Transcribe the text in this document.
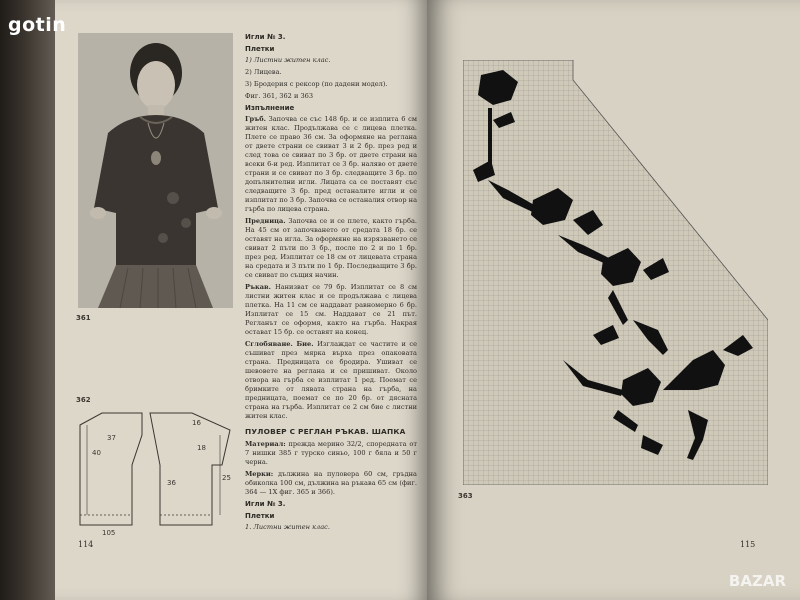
361
Игли № 3.
Плетки

1) Листни житен клас.

2) Лицева.

3) Бродерия с рексор (по дадени модел).

Фиг. 361, 362 и 363

Изпълнение

Гръб. Започва се със 148 бр. и се изплита 6 см житен клас. Продължава се с лицева плетка. Плете се право 36 см. За оформяне на реглана от двете страни се свиват 3 и 2 бр. през ред и след това се свиват по 3 бр. от двете страни на всеки 6-и ред. Изплитат се 3 бр. наляво от двете страни и се свиват по 3 бр. следващите 3 бр. по допълнителни игли. Лицата са се поставят със следващите 3 бр. пред останалите игли и се изплитат по 3 бр. Започва се останалия отвор на гърба по лицева страна.

Предница. Започва се и се плете, както гърба. На 45 см от започването от средата 18 бр. се оставят на игла. За оформяне на изрязването се свиват 2 пъти по 3 бр., после по 2 и по 1 бр. през ред. Изплитат се 18 см от лицевата страна на средата и 3 пъти по 1 бр. Последващите 3 бр. се свиват по същия начин.

Ръкав. Нанизват се 79 бр. Изплитат се 8 см листни житен клас и се продължава с лицева плетка. На 11 см се наддават равномерно 6 бр. Изплитат се 15 см. Наддават се 21 път. Регланът се оформя, както на гърба. Накрая остават 15 бр. се оставят на конец.

Сглобяване. Бие. Изглаждат се частите и се съшиват през мярка върха през опаковата страна. Предницата се бродира. Ушиват се шевовете на реглана и се пришиват. Около отвора на гърба се изплитат 1 ред. Поемат се бримките от лявата страна на гърба, на предницата, поемат се по 20 бр. от дясната страна на гърба. Изплитат се 2 см бие с листни житен клас.

ПУЛОВЕР С РЕГЛАН РЪКАВ. ШАПКА

Материал: прежда мерино 32/2, споредната от 7 нишки 385 г турско синьо, 100 г бяла и 50 г черна.

Мерки: дължина на пуловера 60 см, гръдна обиколка 100 см, дължина на ръкава 65 см (фиг. 364 — 1Х фиг. 365 и 366).

Игли № 3.
Плетки

1. Листни житен клас.

362
40
37
36
16
18
25
105
114
363
115
gotin
BAZAR
